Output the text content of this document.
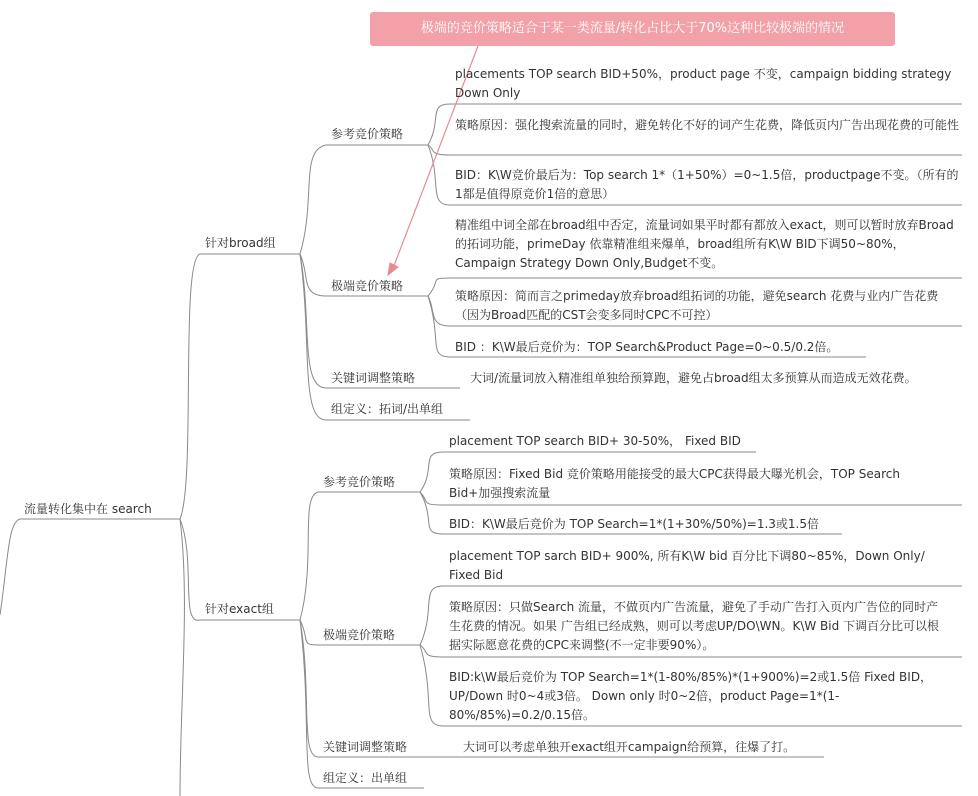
极端的竞价策略适合于某一类流量/转化占比大于70%这种比较极端的情况
流量转化集中在 search
针对broad组
参考竞价策略
placements TOP search BID+50%，product page 不变，campaign bidding strategy Down Only
策略原因：强化搜索流量的同时，避免转化不好的词产生花费，降低页内广告出现花费的可能性
BID：K\W竞价最后为：Top search 1*（1+50%）=0~1.5倍，productpage不变。（所有的1都是值得原竞价1倍的意思）
极端竞价策略
精准组中词全部在broad组中否定，流量词如果平时都有都放入exact，则可以暂时放弃Broad的拓词功能，primeDay 依靠精准组来爆单，broad组所有K\W BID下调50~80%，Campaign Strategy Down Only,Budget不变。
策略原因：简而言之primeday放弃broad组拓词的功能，避免search 花费与业内广告花费（因为Broad匹配的CST会变多同时CPC不可控）
BID ：K\W最后竞价为：TOP Search&Product Page=0~0.5/0.2倍。
关键词调整策略	大词/流量词放入精准组单独给预算跑，避免占broad组太多预算从而造成无效花费。
组定义：拓词/出单组
针对exact组
参考竞价策略
placement TOP search BID+ 30-50%， Fixed BID
策略原因：Fixed Bid 竞价策略用能接受的最大CPC获得最大曝光机会，TOP Search Bid+加强搜索流量
BID：K\W最后竞价为 TOP Search=1*(1+30%/50%)=1.3或1.5倍
极端竞价策略
placement TOP sarch BID+ 900%, 所有K\W bid 百分比下调80~85%，Down Only/ Fixed Bid
策略原因：只做Search 流量，不做页内广告流量，避免了手动广告打入页内广告位的同时产生花费的情况。如果 广告组已经成熟，则可以考虑UP/DO\WN。K\W Bid 下调百分比可以根据实际愿意花费的CPC来调整(不一定非要90%）。
BID:k\W最后竞价为 TOP Search=1*(1-80%/85%)*(1+900%)=2或1.5倍 Fixed BID，UP/Down 时0~4或3倍。 Down only 时0~2倍，product Page=1*(1-80%/85%)=0.2/0.15倍。
关键词调整策略	大词可以考虑单独开exact组开campaign给预算，往爆了打。
组定义：出单组
